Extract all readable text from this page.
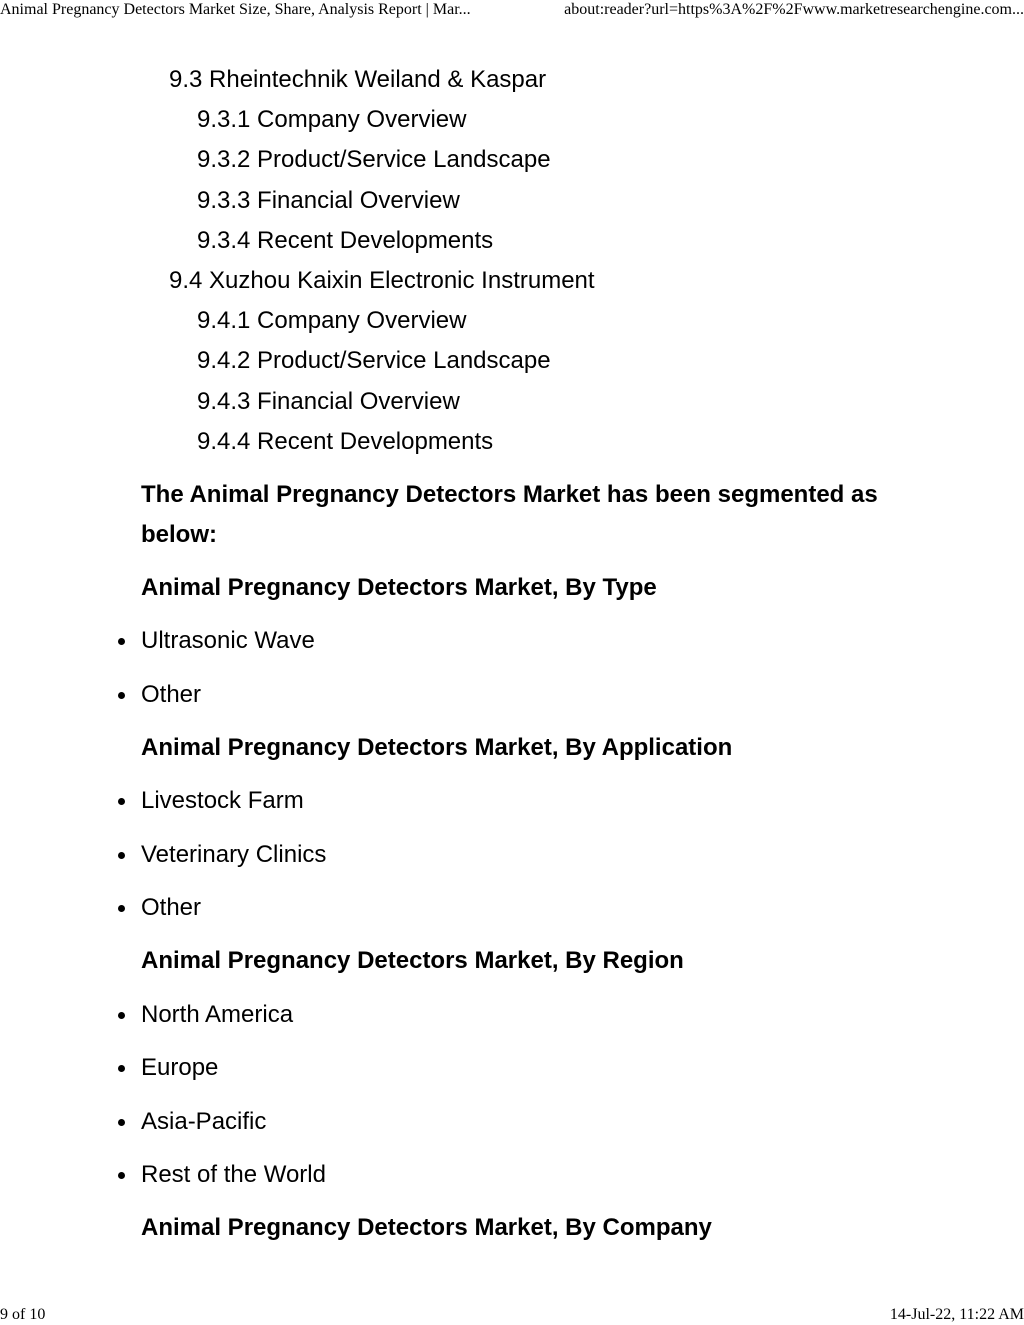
Animal Pregnancy Detectors Market Size, Share, Analysis Report | Mar...	about:reader?url=https%3A%2F%2Fwww.marketresearchengine.com...
9.3 Rheintechnik Weiland & Kaspar
9.3.1 Company Overview
9.3.2 Product/Service Landscape
9.3.3 Financial Overview
9.3.4 Recent Developments
9.4 Xuzhou Kaixin Electronic Instrument
9.4.1 Company Overview
9.4.2 Product/Service Landscape
9.4.3 Financial Overview
9.4.4 Recent Developments

The Animal Pregnancy Detectors Market has been segmented as below:

Animal Pregnancy Detectors Market, By Type

Ultrasonic Wave
Other

Animal Pregnancy Detectors Market, By Application

Livestock Farm
Veterinary Clinics
Other

Animal Pregnancy Detectors Market, By Region

North America
Europe
Asia-Pacific
Rest of the World

Animal Pregnancy Detectors Market, By Company

9 of 10	14-Jul-22, 11:22 AM
